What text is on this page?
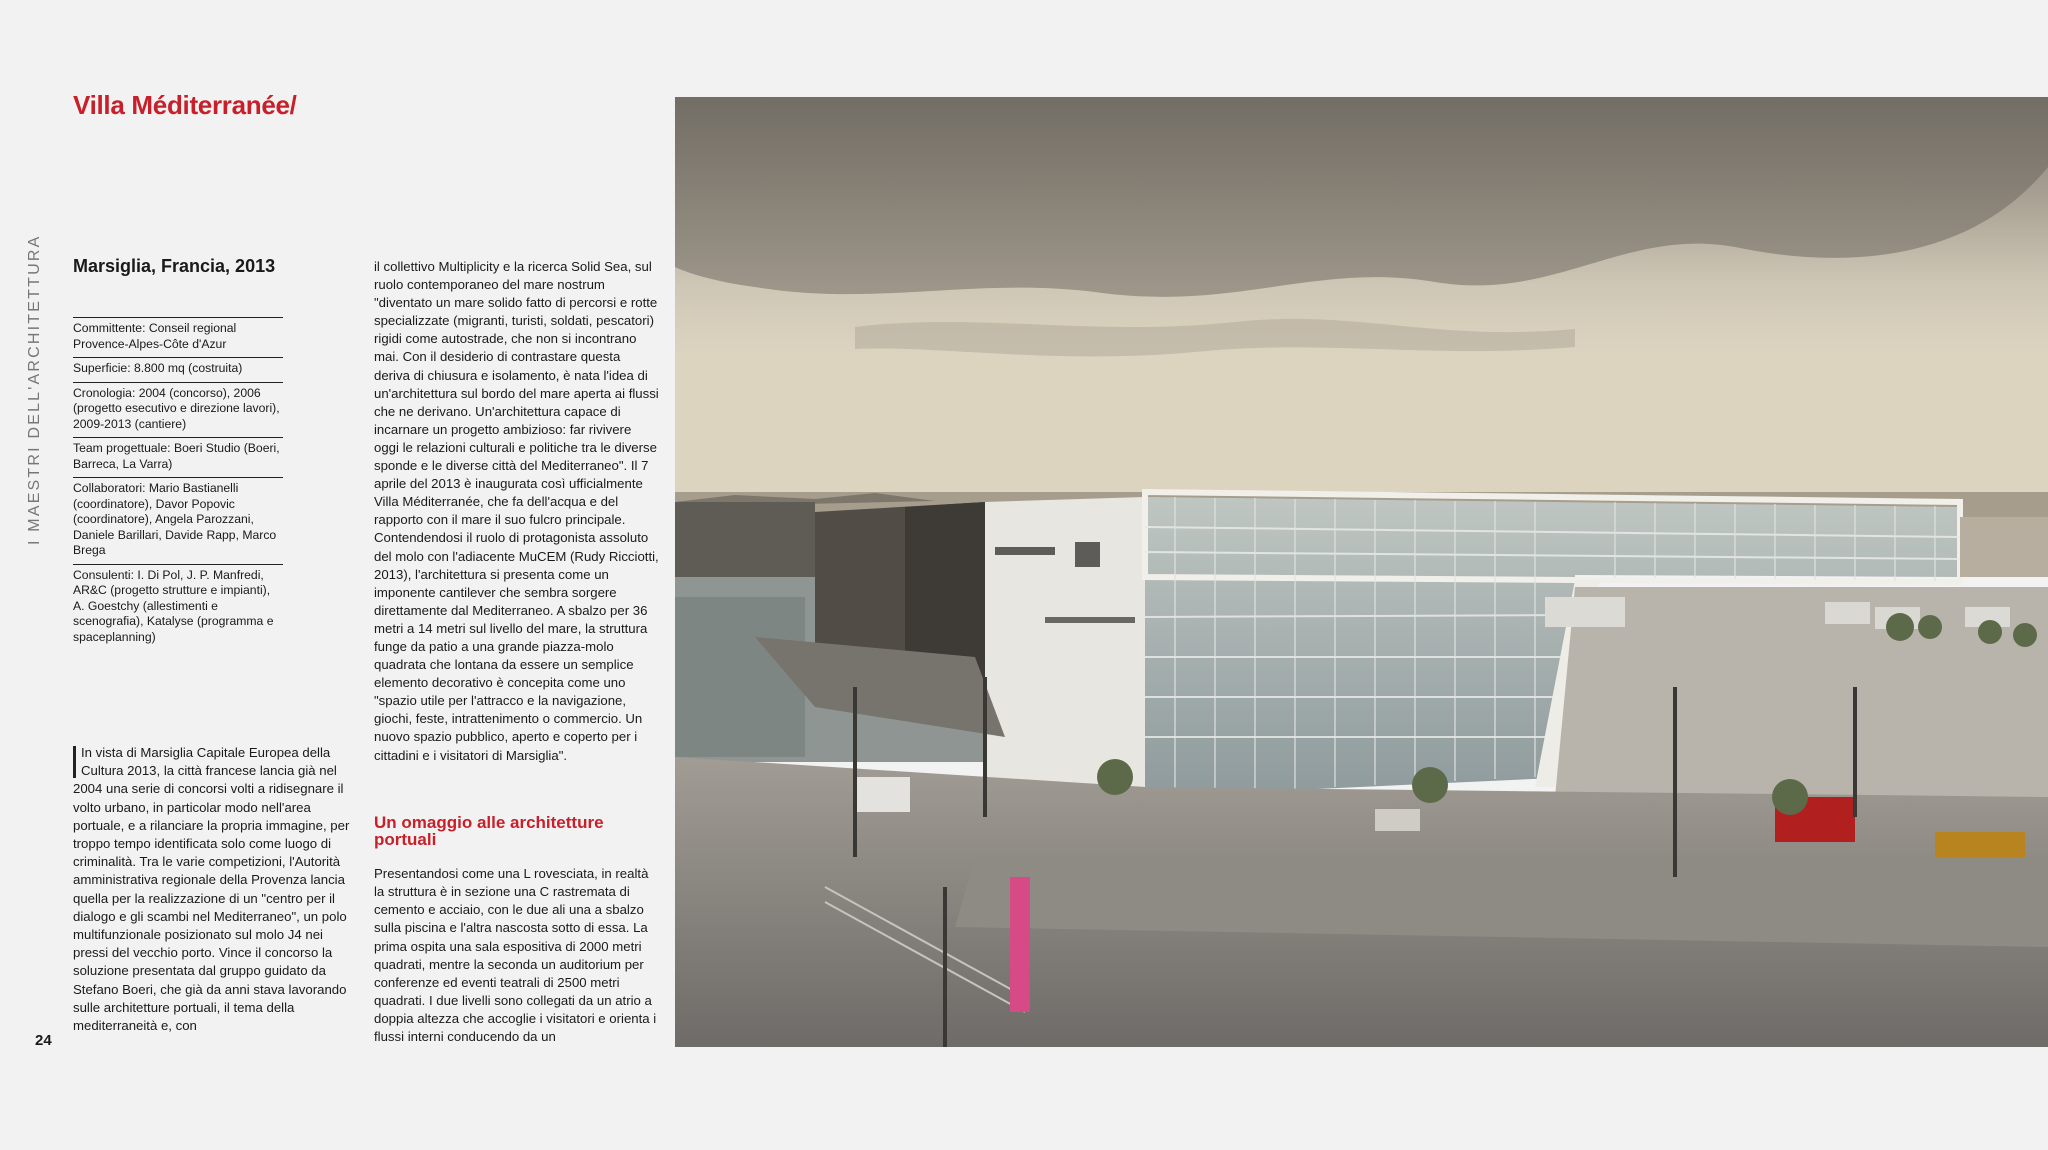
Villa Méditerranée/
I MAESTRI DELL'ARCHITETTURA Marsiglia, Francia, 2013
Committente: Conseil regional Provence-Alpes-Côte d'Azur
Superficie: 8.800 mq (costruita)
Cronologia: 2004 (concorso), 2006 (progetto esecutivo e direzione lavori), 2009-2013 (cantiere)
Team progettuale: Boeri Studio (Boeri, Barreca, La Varra)
Collaboratori: Mario Bastianelli (coordinatore), Davor Popovic (coordinatore), Angela Parozzani, Daniele Barillari, Davide Rapp, Marco Brega
Consulenti: I. Di Pol, J. P. Manfredi, AR&C (progetto strutture e impianti), A. Goestchy (allestimenti e scenografia), Katalyse (programma e spaceplanning)

In vista di Marsiglia Capitale Europea della Cultura 2013, la città francese lancia già nel 2004 una serie di concorsi volti a ridisegnare il volto urbano, in particolar modo nell'area portuale, e a rilanciare la propria immagine, per troppo tempo identificata solo come luogo di criminalità. Tra le varie competizioni, l'Autorità amministrativa regionale della Provenza lancia quella per la realizzazione di un "centro per il dialogo e gli scambi nel Mediterraneo", un polo multifunzionale posizionato sul molo J4 nei pressi del vecchio porto. Vince il concorso la soluzione presentata dal gruppo guidato da Stefano Boeri, che già da anni stava lavorando sulle architetture portuali, il tema della mediterraneità e, con

il collettivo Multiplicity e la ricerca Solid Sea, sul ruolo contemporaneo del mare nostrum "diventato un mare solido fatto di percorsi e rotte specializzate (migranti, turisti, soldati, pescatori) rigidi come autostrade, che non si incontrano mai. Con il desiderio di contrastare questa deriva di chiusura e isolamento, è nata l'idea di un'architettura sul bordo del mare aperta ai flussi che ne derivano. Un'architettura capace di incarnare un progetto ambizioso: far rivivere oggi le relazioni culturali e politiche tra le diverse sponde e le diverse città del Mediterraneo". Il 7 aprile del 2013 è inaugurata così ufficialmente Villa Méditerranée, che fa dell'acqua e del rapporto con il mare il suo fulcro principale. Contendendosi il ruolo di protagonista assoluto del molo con l'adiacente MuCEM (Rudy Ricciotti, 2013), l'architettura si presenta come un imponente cantilever che sembra sorgere direttamente dal Mediterraneo. A sbalzo per 36 metri a 14 metri sul livello del mare, la struttura funge da patio a una grande piazza-molo quadrata che lontana da essere un semplice elemento decorativo è concepita come uno "spazio utile per l'attracco e la navigazione, giochi, feste, intrattenimento o commercio. Un nuovo spazio pubblico, aperto e coperto per i cittadini e i visitatori di Marsiglia".

Un omaggio alle architetture portuali

Presentandosi come una L rovesciata, in realtà la struttura è in sezione una C rastremata di cemento e acciaio, con le due ali una a sbalzo sulla piscina e l'altra nascosta sotto di essa. La prima ospita una sala espositiva di 2000 metri quadrati, mentre la seconda un auditorium per conferenze ed eventi teatrali di 2500 metri quadrati. I due livelli sono collegati da un atrio a doppia altezza che accoglie i visitatori e orienta i flussi interni conducendo da un

24
